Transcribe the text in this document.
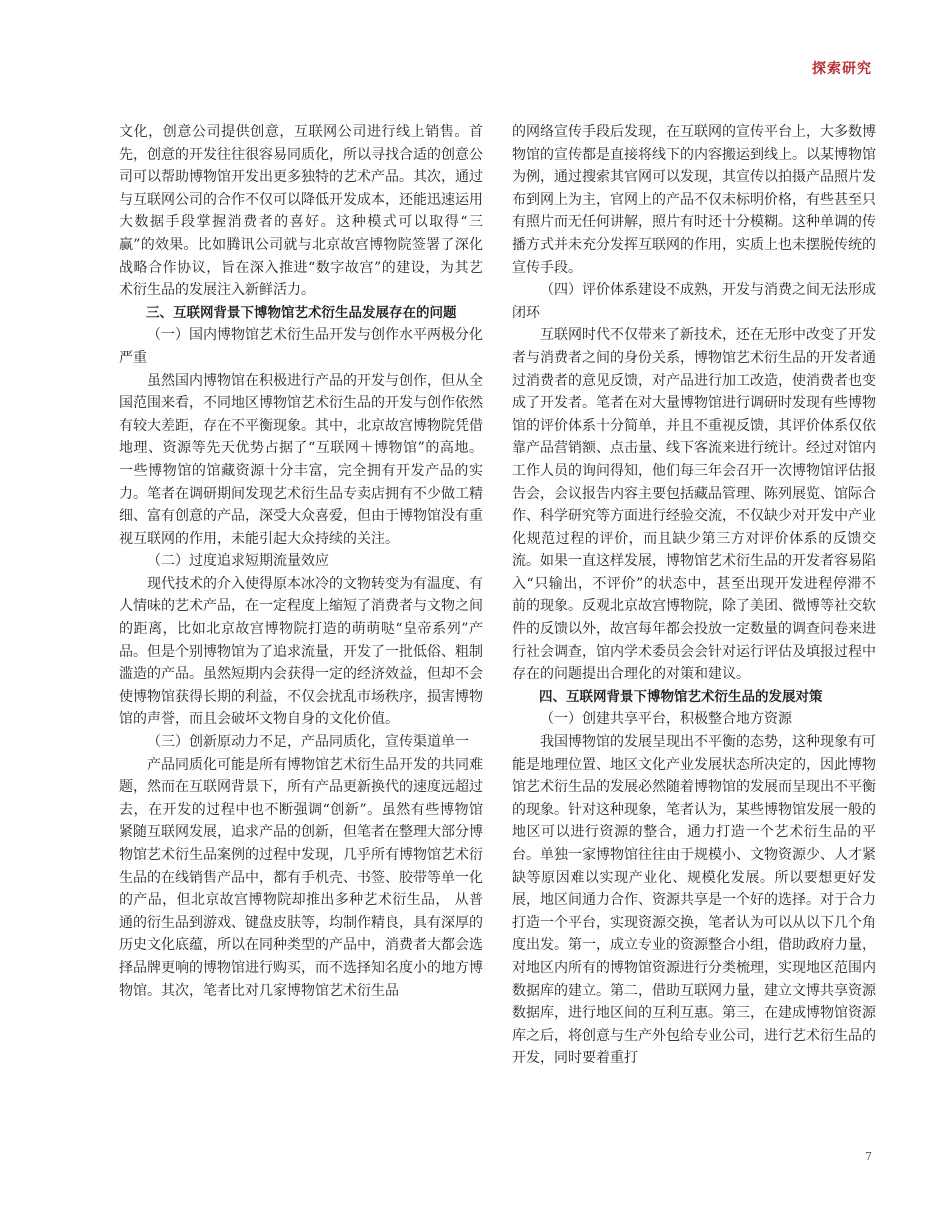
探索研究

文化，创意公司提供创意，互联网公司进行线上销售。首先，创意的开发往往很容易同质化，所以寻找合适的创意公司可以帮助博物馆开发出更多独特的艺术产品。其次，通过与互联网公司的合作不仅可以降低开发成本，还能迅速运用大数据手段掌握消费者的喜好。这种模式可以取得“三赢”的效果。比如腾讯公司就与北京故宫博物院签署了深化战略合作协议，旨在深入推进“数字故宫”的建设，为其艺术衍生品的发展注入新鲜活力。

三、互联网背景下博物馆艺术衍生品发展存在的问题

（一）国内博物馆艺术衍生品开发与创作水平两极分化严重

虽然国内博物馆在积极进行产品的开发与创作，但从全国范围来看，不同地区博物馆艺术衍生品的开发与创作依然有较大差距，存在不平衡现象。其中，北京故宫博物院凭借地理、资源等先天优势占据了“互联网＋博物馆”的高地。一些博物馆的馆藏资源十分丰富，完全拥有开发产品的实力。笔者在调研期间发现艺术衍生品专卖店拥有不少做工精细、富有创意的产品，深受大众喜爱，但由于博物馆没有重视互联网的作用，未能引起大众持续的关注。

（二）过度追求短期流量效应

现代技术的介入使得原本冰冷的文物转变为有温度、有人情味的艺术产品，在一定程度上缩短了消费者与文物之间的距离，比如北京故宫博物院打造的萌萌哒“皇帝系列”产品。但是个别博物馆为了追求流量，开发了一批低俗、粗制滥造的产品。虽然短期内会获得一定的经济效益，但却不会使博物馆获得长期的利益，不仅会扰乱市场秩序，损害博物馆的声誉，而且会破坏文物自身的文化价值。

（三）创新原动力不足，产品同质化，宣传渠道单一

产品同质化可能是所有博物馆艺术衍生品开发的共同难题，然而在互联网背景下，所有产品更新换代的速度远超过去，在开发的过程中也不断强调“创新”。虽然有些博物馆紧随互联网发展，追求产品的创新，但笔者在整理大部分博物馆艺术衍生品案例的过程中发现，几乎所有博物馆艺术衍生品的在线销售产品中，都有手机壳、书签、胶带等单一化的产品，但北京故宫博物院却推出多种艺术衍生品， 从普通的衍生品到游戏、键盘皮肤等，均制作精良，具有深厚的历史文化底蕴，所以在同种类型的产品中，消费者大都会选择品牌更响的博物馆进行购买，而不选择知名度小的地方博物馆。其次，笔者比对几家博物馆艺术衍生品

的网络宣传手段后发现，在互联网的宣传平台上，大多数博物馆的宣传都是直接将线下的内容搬运到线上。以某博物馆为例，通过搜索其官网可以发现，其宣传以拍摄产品照片发布到网上为主，官网上的产品不仅未标明价格，有些甚至只有照片而无任何讲解，照片有时还十分模糊。这种单调的传播方式并未充分发挥互联网的作用，实质上也未摆脱传统的宣传手段。

（四）评价体系建设不成熟，开发与消费之间无法形成闭环

互联网时代不仅带来了新技术，还在无形中改变了开发者与消费者之间的身份关系，博物馆艺术衍生品的开发者通过消费者的意见反馈，对产品进行加工改造，使消费者也变成了开发者。笔者在对大量博物馆进行调研时发现有些博物馆的评价体系十分简单，并且不重视反馈，其评价体系仅依靠产品营销额、点击量、线下客流来进行统计。经过对馆内工作人员的询问得知，他们每三年会召开一次博物馆评估报告会，会议报告内容主要包括藏品管理、陈列展览、馆际合作、科学研究等方面进行经验交流，不仅缺少对开发中产业化规范过程的评价，而且缺少第三方对评价体系的反馈交流。如果一直这样发展，博物馆艺术衍生品的开发者容易陷入“只输出，不评价”的状态中，甚至出现开发进程停滞不前的现象。反观北京故宫博物院，除了美团、微博等社交软件的反馈以外，故宫每年都会投放一定数量的调查问卷来进行社会调查，馆内学术委员会会针对运行评估及填报过程中存在的问题提出合理化的对策和建议。

四、互联网背景下博物馆艺术衍生品的发展对策

（一）创建共享平台，积极整合地方资源

我国博物馆的发展呈现出不平衡的态势，这种现象有可能是地理位置、地区文化产业发展状态所决定的，因此博物馆艺术衍生品的发展必然随着博物馆的发展而呈现出不平衡的现象。针对这种现象，笔者认为，某些博物馆发展一般的地区可以进行资源的整合，通力打造一个艺术衍生品的平台。单独一家博物馆往往由于规模小、文物资源少、人才紧缺等原因难以实现产业化、规模化发展。所以要想更好发展，地区间通力合作、资源共享是一个好的选择。对于合力打造一个平台，实现资源交换，笔者认为可以从以下几个角度出发。第一，成立专业的资源整合小组，借助政府力量，对地区内所有的博物馆资源进行分类梳理，实现地区范围内数据库的建立。第二，借助互联网力量，建立文博共享资源数据库，进行地区间的互利互惠。第三，在建成博物馆资源库之后，将创意与生产外包给专业公司，进行艺术衍生品的开发，同时要着重打

7
